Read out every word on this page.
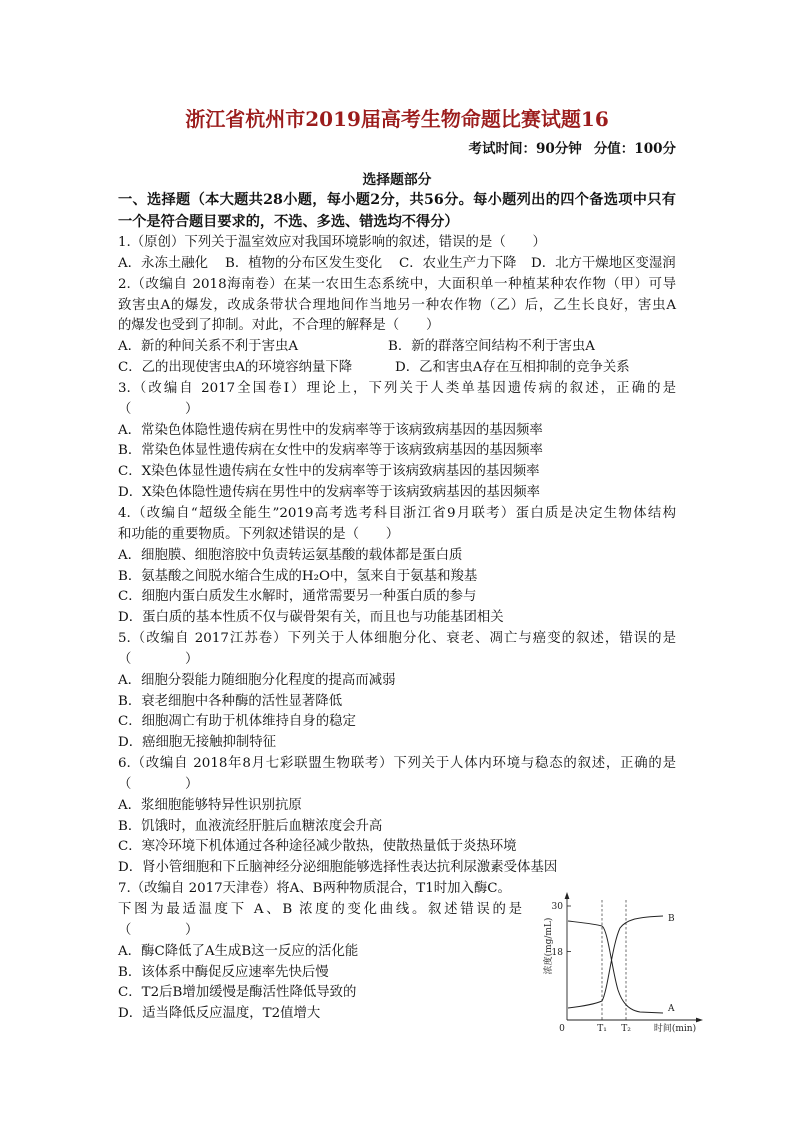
浙江省杭州市2019届高考生物命题比赛试题16
考试时间：90分钟 分值：100分
选择题部分
一、选择题（本大题共28小题，每小题2分，共56分。每小题列出的四个备选项中只有
一个是符合题目要求的，不选、多选、错选均不得分）
1.（原创）下列关于温室效应对我国环境影响的叙述，错误的是（　　）
A．永冻土融化 B．植物的分布区发生变化 C．农业生产力下降 D．北方干燥地区变湿润
2.（改编自 2018海南卷）在某一农田生态系统中，大面积单一种植某种农作物（甲）可导
致害虫A的爆发，改成条带状合理地间作当地另一种农作物（乙）后，乙生长良好，害虫A
的爆发也受到了抑制。对此，不合理的解释是（　　）
A．新的种间关系不利于害虫A	B．新的群落空间结构不利于害虫A
C．乙的出现使害虫A的环境容纳量下降	D．乙和害虫A存在互相抑制的竞争关系
3.（改编自 2017全国卷Ⅰ）理论上，下列关于人类单基因遗传病的叙述，正确的是
（　　　　）
A．常染色体隐性遗传病在男性中的发病率等于该病致病基因的基因频率
B．常染色体显性遗传病在女性中的发病率等于该病致病基因的基因频率
C．X染色体显性遗传病在女性中的发病率等于该病致病基因的基因频率
D．X染色体隐性遗传病在男性中的发病率等于该病致病基因的基因频率
4.（改编自“超级全能生”2019高考选考科目浙江省9月联考）蛋白质是决定生物体结构
和功能的重要物质。下列叙述错误的是（　　）
A．细胞膜、细胞溶胶中负责转运氨基酸的载体都是蛋白质
B．氨基酸之间脱水缩合生成的H₂O中，氢来自于氨基和羧基
C．细胞内蛋白质发生水解时，通常需要另一种蛋白质的参与
D．蛋白质的基本性质不仅与碳骨架有关，而且也与功能基团相关
5.（改编自 2017江苏卷）下列关于人体细胞分化、衰老、凋亡与癌变的叙述，错误的是
（　　　　）
A．细胞分裂能力随细胞分化程度的提高而减弱
B．衰老细胞中各种酶的活性显著降低
C．细胞凋亡有助于机体维持自身的稳定
D．癌细胞无接触抑制特征
6.（改编自 2018年8月七彩联盟生物联考）下列关于人体内环境与稳态的叙述，正确的是
（　　　　）
A．浆细胞能够特异性识别抗原
B．饥饿时，血液流经肝脏后血糖浓度会升高
C．寒冷环境下机体通过各种途径减少散热，使散热量低于炎热环境
D．肾小管细胞和下丘脑神经分泌细胞能够选择性表达抗利尿激素受体基因
7.（改编自 2017天津卷）将A、B两种物质混合，T1时加入酶C。
下图为最适温度下 A、B 浓度的变化曲线。叙述错误的是
（　　　　）
A．酶C降低了A生成B这一反应的活化能
B．该体系中酶促反应速率先快后慢
C．T2后B增加缓慢是酶活性降低导致的
D．适当降低反应温度，T2值增大
30
18
0	T₁ T₂	时间(min)
浓度(mg/mL)	B
A
